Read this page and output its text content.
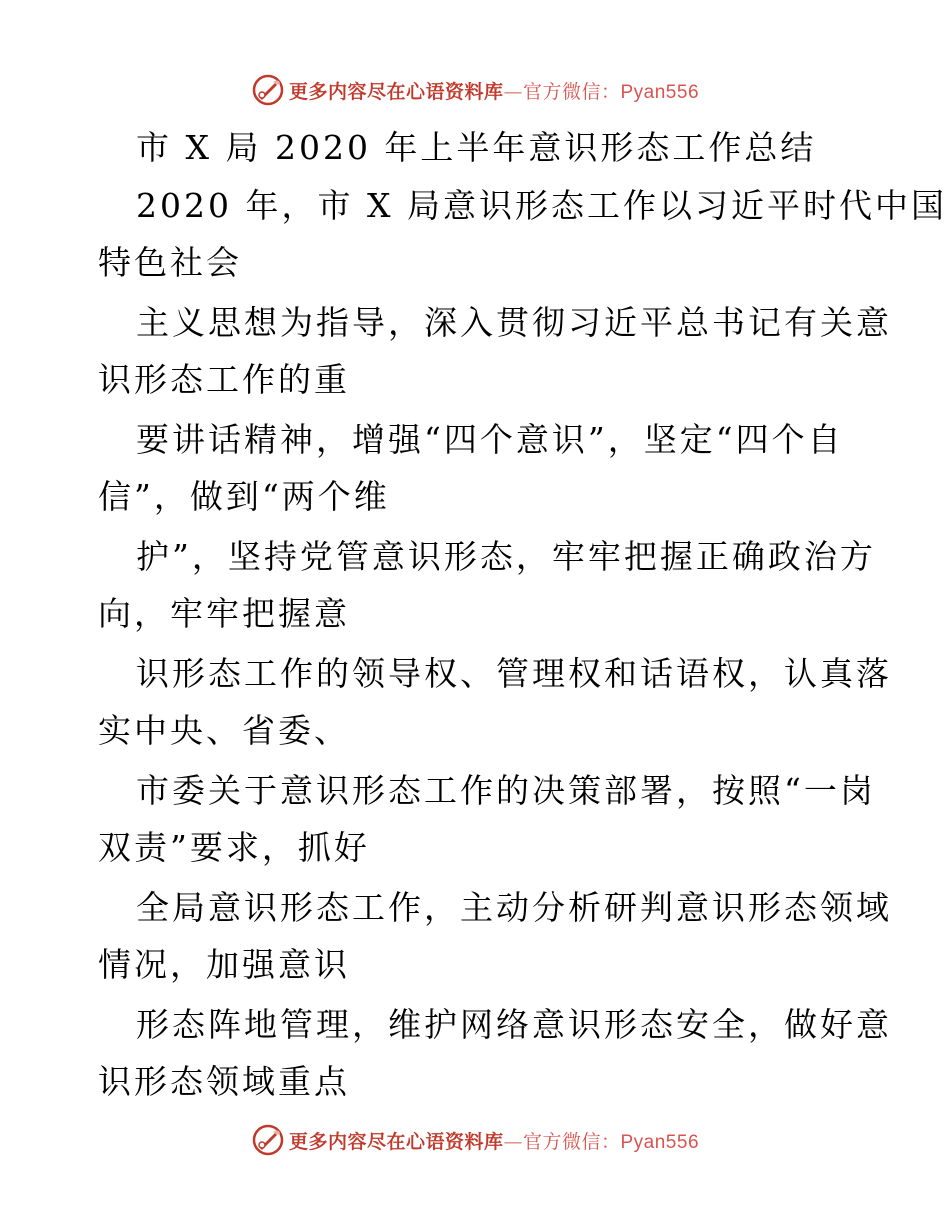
更多内容尽在心语资料库—官方微信：Pyan556
市 X 局 2020 年上半年意识形态工作总结
2020 年，市 X 局意识形态工作以习近平时代中国
特色社会
主义思想为指导，深入贯彻习近平总书记有关意
识形态工作的重
要讲话精神，增强“四个意识”，坚定“四个自
信”，做到“两个维
护”，坚持党管意识形态，牢牢把握正确政治方
向，牢牢把握意
识形态工作的领导权、管理权和话语权，认真落
实中央、省委、
市委关于意识形态工作的决策部署，按照“一岗
双责”要求，抓好
全局意识形态工作，主动分析研判意识形态领域
情况，加强意识
形态阵地管理，维护网络意识形态安全，做好意
识形态领域重点
更多内容尽在心语资料库—官方微信：Pyan556
